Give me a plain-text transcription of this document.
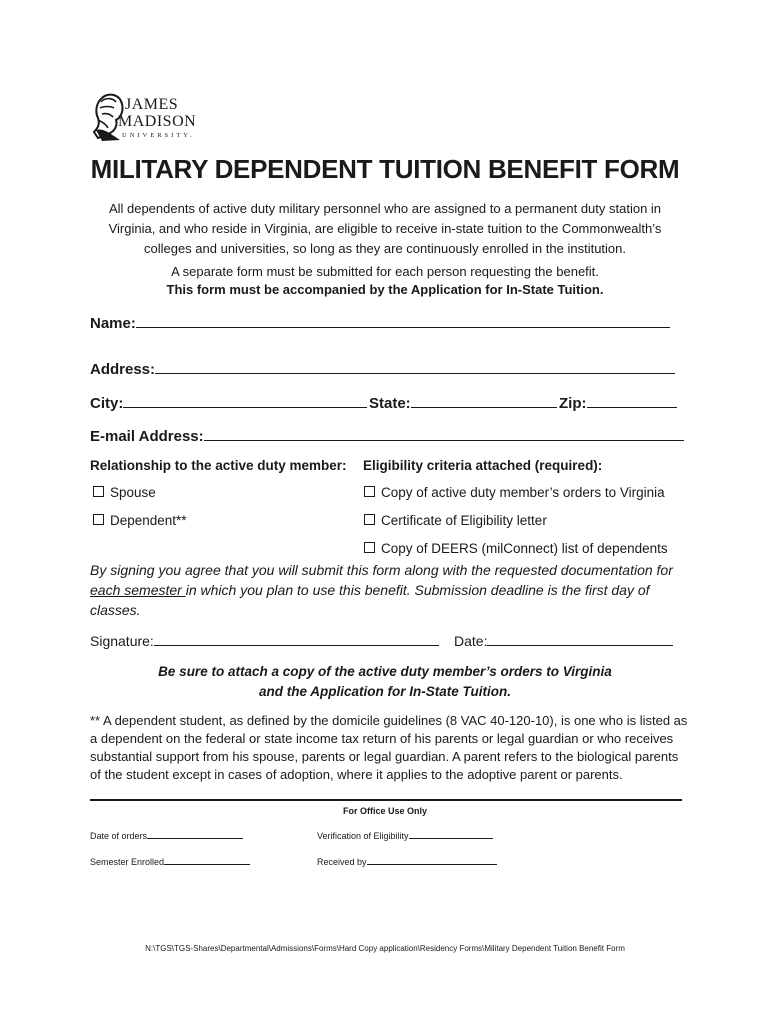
JAMES
MADISON
UNIVERSITY.
MILITARY DEPENDENT TUITION BENEFIT FORM
All dependents of active duty military personnel who are assigned to a permanent duty station in Virginia, and who reside in Virginia, are eligible to receive in-state tuition to the Commonwealth’s colleges and universities, so long as they are continuously enrolled in the institution.
A separate form must be submitted for each person requesting the benefit.
This form must be accompanied by the Application for In-State Tuition.
Name:
Address:
City:	State:	Zip:
E-mail Address:
Relationship to the active duty member:
Spouse
Dependent**
Eligibility criteria attached (required):
Copy of active duty member’s orders to Virginia
Certificate of Eligibility letter
Copy of DEERS (milConnect) list of dependents
By signing you agree that you will submit this form along with the requested documentation for each semester in which you plan to use this benefit. Submission deadline is the first day of classes.
Signature:	Date:
Be sure to attach a copy of the active duty member’s orders to Virginia
and the Application for In-State Tuition.
** A dependent student, as defined by the domicile guidelines (8 VAC 40-120-10), is one who is listed as a dependent on the federal or state income tax return of his parents or legal guardian or who receives substantial support from his spouse, parents or legal guardian. A parent refers to the biological parents of the student except in cases of adoption, where it applies to the adoptive parent or parents.
For Office Use Only
Date of orders	Verification of Eligibility
Semester Enrolled	Received by
N:\TGS\TGS-Shares\Departmental\Admissions\Forms\Hard Copy application\Residency Forms\Military Dependent Tuition Benefit Form
